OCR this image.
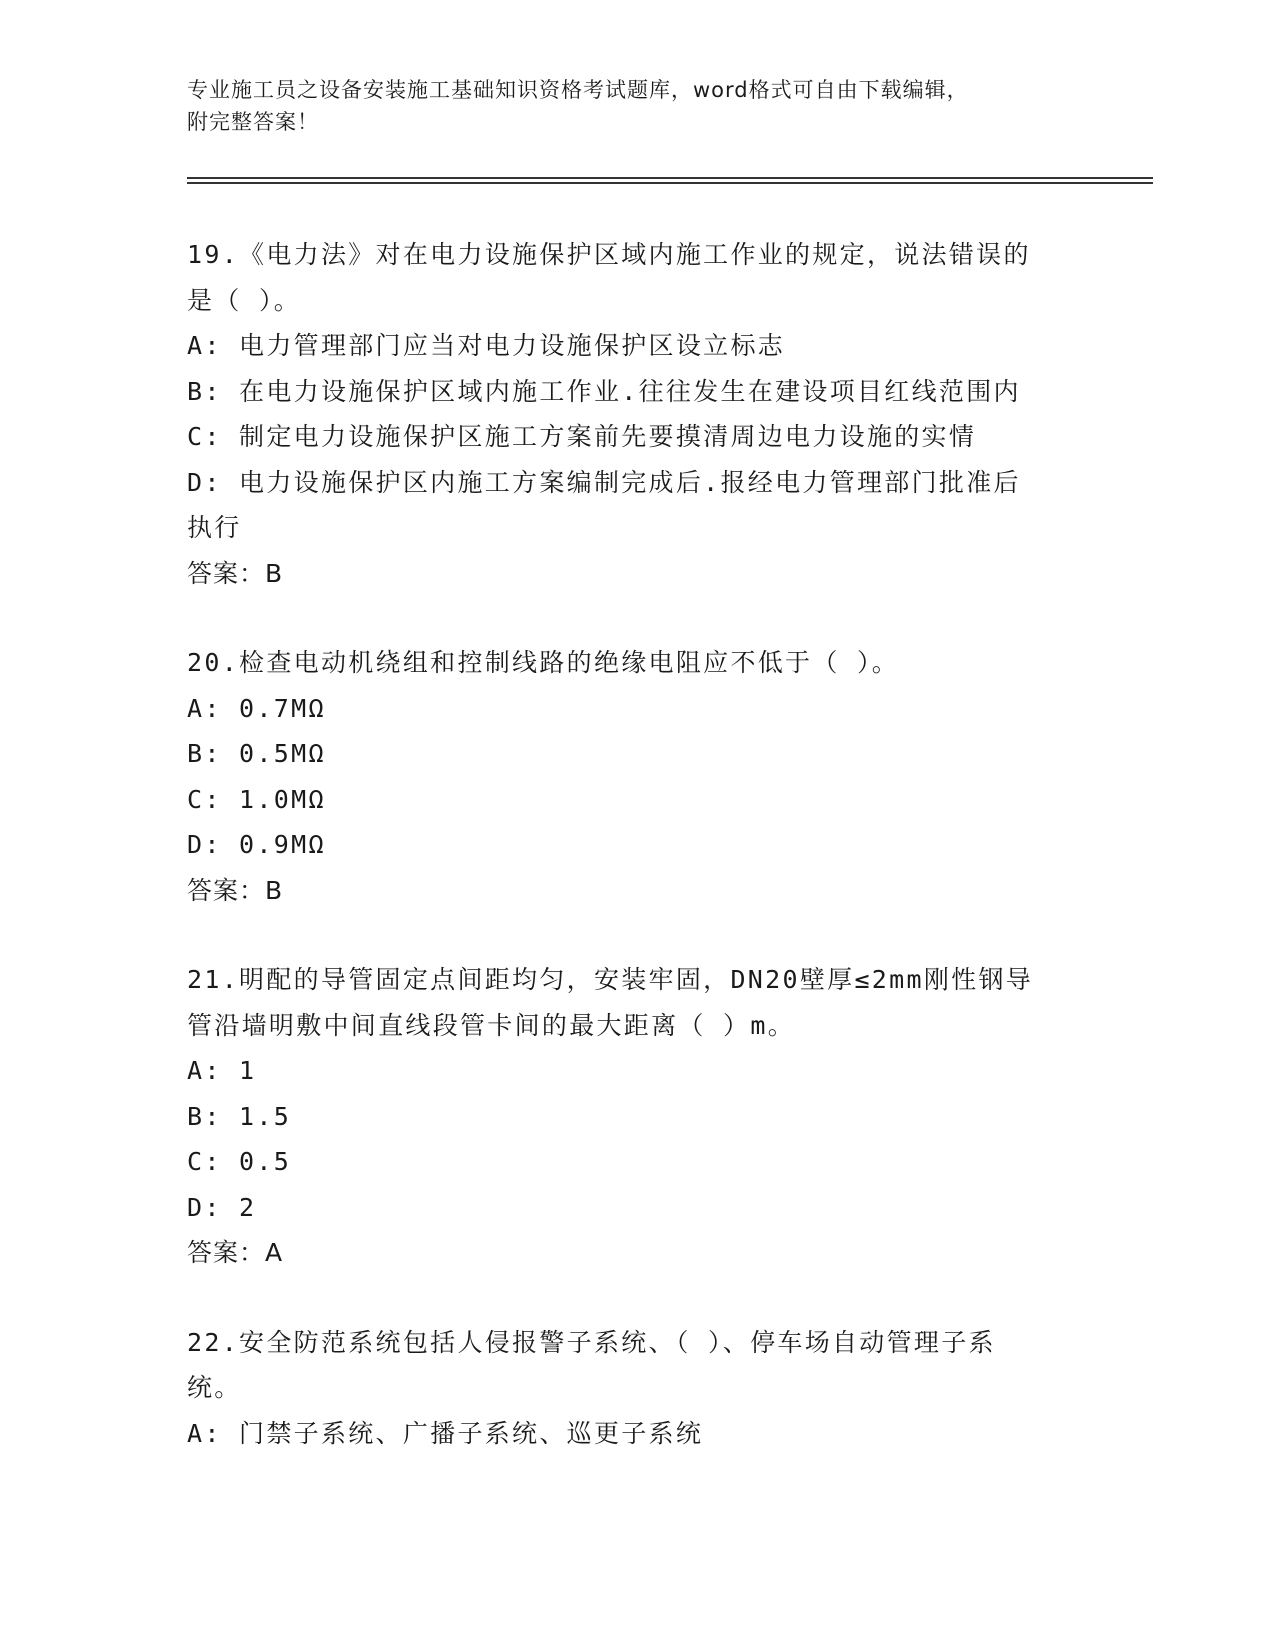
专业施工员之设备安装施工基础知识资格考试题库，word格式可自由下载编辑，
附完整答案！

19.《电力法》对在电力设施保护区域内施工作业的规定，说法错误的
是（ ）。

A: 电力管理部门应当对电力设施保护区设立标志

B: 在电力设施保护区域内施工作业.往往发生在建设项目红线范围内

C: 制定电力设施保护区施工方案前先要摸清周边电力设施的实情

D: 电力设施保护区内施工方案编制完成后.报经电力管理部门批准后
执行

答案：B

20.检查电动机绕组和控制线路的绝缘电阻应不低于（ ）。

A: 0.7MΩ

B: 0.5MΩ

C: 1.0MΩ

D: 0.9MΩ

答案：B

21.明配的导管固定点间距均匀，安装牢固，DN20壁厚≤2mm刚性钢导
管沿墙明敷中间直线段管卡间的最大距离（ ）m。

A: 1

B: 1.5

C: 0.5

D: 2

答案：A

22.安全防范系统包括人侵报警子系统、（ ）、停车场自动管理子系
统。

A: 门禁子系统、广播子系统、巡更子系统
